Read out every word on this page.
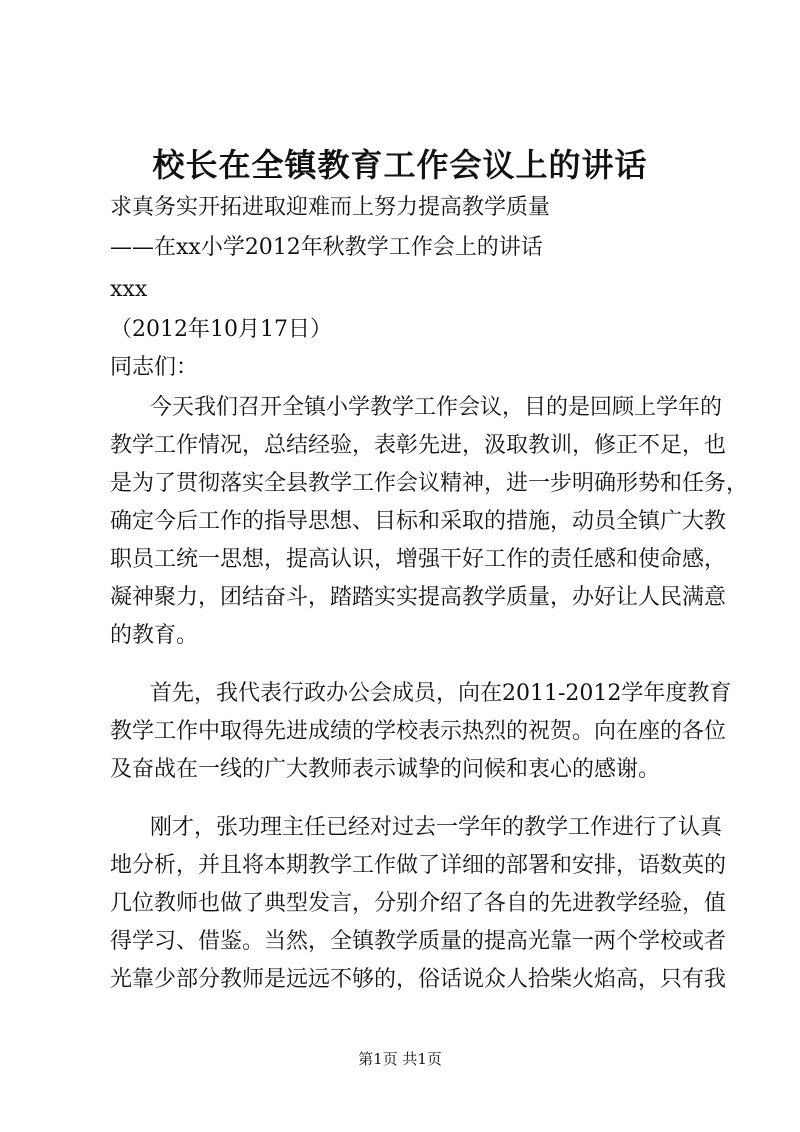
校长在全镇教育工作会议上的讲话
求真务实开拓进取迎难而上努力提高教学质量
——在xx小学2012年秋教学工作会上的讲话
xxx
（2012年10月17日）
同志们：
今天我们召开全镇小学教学工作会议，目的是回顾上学年的
教学工作情况，总结经验，表彰先进，汲取教训，修正不足，也
是为了贯彻落实全县教学工作会议精神，进一步明确形势和任务，
确定今后工作的指导思想、目标和采取的措施，动员全镇广大教
职员工统一思想，提高认识，增强干好工作的责任感和使命感，
凝神聚力，团结奋斗，踏踏实实提高教学质量，办好让人民满意
的教育。
首先，我代表行政办公会成员，向在2011-2012学年度教育
教学工作中取得先进成绩的学校表示热烈的祝贺。向在座的各位
及奋战在一线的广大教师表示诚挚的问候和衷心的感谢。
刚才，张功理主任已经对过去一学年的教学工作进行了认真
地分析，并且将本期教学工作做了详细的部署和安排，语数英的
几位教师也做了典型发言，分别介绍了各自的先进教学经验，值
得学习、借鉴。当然，全镇教学质量的提高光靠一两个学校或者
光靠少部分教师是远远不够的，俗话说众人拾柴火焰高，只有我
第1页 共1页
